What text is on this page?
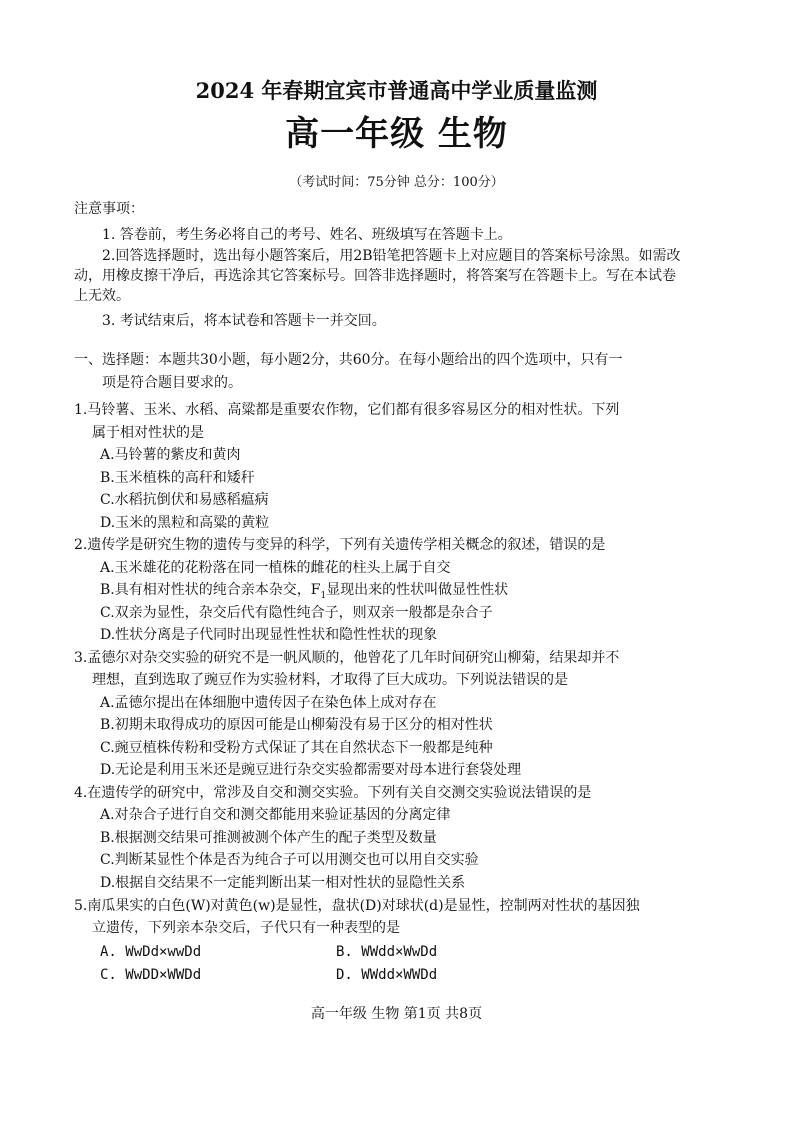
2024 年春期宜宾市普通高中学业质量监测
高一年级 生物
（考试时间：75分钟 总分：100分）
注意事项：
1. 答卷前，考生务必将自己的考号、姓名、班级填写在答题卡上。
2.回答选择题时，选出每小题答案后，用2B铅笔把答题卡上对应题目的答案标号涂黑。如需改
动，用橡皮擦干净后，再选涂其它答案标号。回答非选择题时，将答案写在答题卡上。写在本试卷
上无效。
3. 考试结束后，将本试卷和答题卡一并交回。
一、选择题：本题共30小题，每小题2分，共60分。在每小题给出的四个选项中，只有一
项是符合题目要求的。
1.马铃薯、玉米、水稻、高粱都是重要农作物，它们都有很多容易区分的相对性状。下列
属于相对性状的是
A.马铃薯的紫皮和黄肉
B.玉米植株的高秆和矮秆
C.水稻抗倒伏和易感稻瘟病
D.玉米的黑粒和高粱的黄粒
2.遗传学是研究生物的遗传与变异的科学，下列有关遗传学相关概念的叙述，错误的是
A.玉米雄花的花粉落在同一植株的雌花的柱头上属于自交
B.具有相对性状的纯合亲本杂交，$F_1$显现出来的性状叫做显性性状
C.双亲为显性，杂交后代有隐性纯合子，则双亲一般都是杂合子
D.性状分离是子代同时出现显性性状和隐性性状的现象
3.孟德尔对杂交实验的研究不是一帆风顺的，他曾花了几年时间研究山柳菊，结果却并不
理想，直到选取了豌豆作为实验材料，才取得了巨大成功。下列说法错误的是
A.孟德尔提出在体细胞中遗传因子在染色体上成对存在
B.初期未取得成功的原因可能是山柳菊没有易于区分的相对性状
C.豌豆植株传粉和受粉方式保证了其在自然状态下一般都是纯种
D.无论是利用玉米还是豌豆进行杂交实验都需要对母本进行套袋处理
4.在遗传学的研究中，常涉及自交和测交实验。下列有关自交测交实验说法错误的是
A.对杂合子进行自交和测交都能用来验证基因的分离定律
B.根据测交结果可推测被测个体产生的配子类型及数量
C.判断某显性个体是否为纯合子可以用测交也可以用自交实验
D.根据自交结果不一定能判断出某一相对性状的显隐性关系
5.南瓜果实的白色(W)对黄色(w)是显性，盘状(D)对球状(d)是显性，控制两对性状的基因独
立遗传，下列亲本杂交后，子代只有一种表型的是
A. WwDd×wwDd	B. WWdd×WwDd
C. WwDD×WWDd	D. WWdd×WWDd
高一年级 生物 第1页 共8页
